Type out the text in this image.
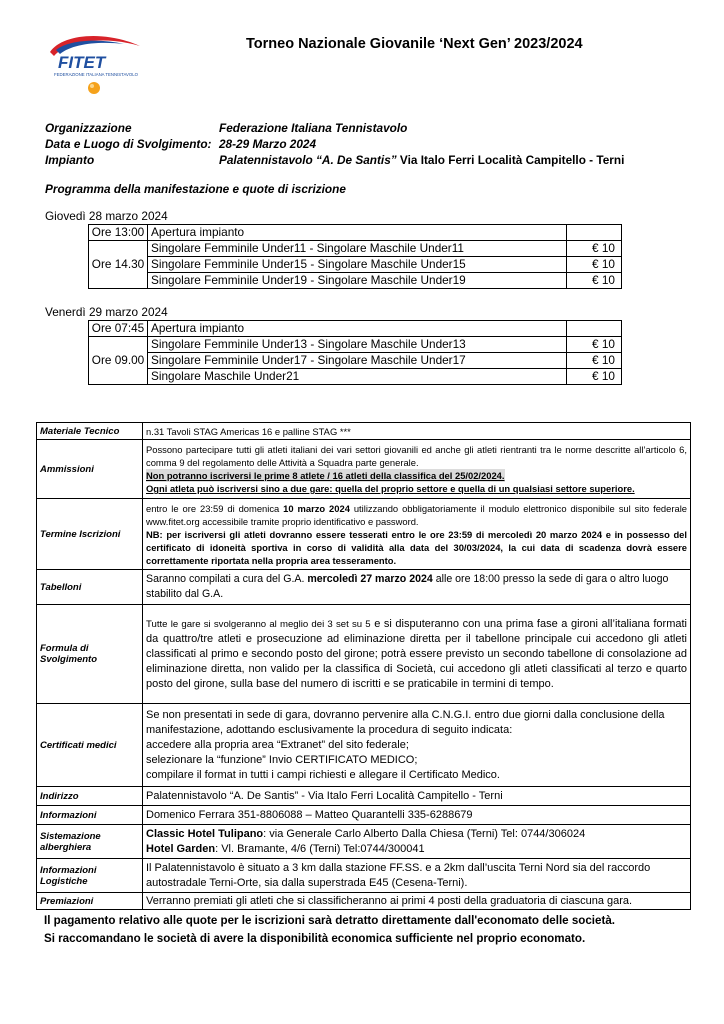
FITET
FEDERAZIONE ITALIANA TENNISTAVOLO
Torneo Nazionale Giovanile ‘Next Gen’ 2023/2024
Organizzazione	Federazione Italiana Tennistavolo
Data e Luogo di Svolgimento: 28-29 Marzo 2024
Impianto	Palatennistavolo “A. De Santis” Via Italo Ferri Località Campitello - Terni
Programma della manifestazione e quote di iscrizione
Giovedì 28 marzo 2024
Ore 13:00	Apertura impianto	
Ore 14.30	Singolare Femminile Under11 - Singolare Maschile Under11	€ 10
	Singolare Femminile Under15 - Singolare Maschile Under15	€ 10
	Singolare Femminile Under19 - Singolare Maschile Under19	€ 10
Venerdì 29 marzo 2024
Ore 07:45	Apertura impianto	
Ore 09.00	Singolare Femminile Under13 - Singolare Maschile Under13	€ 10
	Singolare Femminile Under17 - Singolare Maschile Under17	€ 10
	Singolare Maschile Under21	€ 10
Materiale Tecnico	n.31 Tavoli STAG Americas 16 e palline STAG ***
Ammissioni	Possono partecipare tutti gli atleti italiani dei vari settori giovanili ed anche gli atleti rientranti tra le norme descritte all’articolo 6, comma 9 del regolamento delle Attività a Squadra parte generale.
Non potranno iscriversi le prime 8 atlete / 16 atleti della classifica del 25/02/2024.
Ogni atleta può iscriversi sino a due gare: quella del proprio settore e quella di un qualsiasi settore superiore.

Termine Iscrizioni	entro le ore 23:59 di domenica 10 marzo 2024 utilizzando obbligatoriamente il modulo elettronico disponibile sul sito federale www.fitet.org accessibile tramite proprio identificativo e password.
NB: per iscriversi gli atleti dovranno essere tesserati entro le ore 23:59 di mercoledì 20 marzo 2024 e in possesso del certificato di idoneità sportiva in corso di validità alla data del 30/03/2024, la cui data di scadenza dovrà essere correttamente riportata nella propria area tesseramento.

Tabelloni	Saranno compilati a cura del G.A. mercoledì 27 marzo 2024 alle ore 18:00 presso la sede di gara o altro luogo stabilito dal G.A.
Formula di Svolgimento	Tutte le gare si svolgeranno al meglio dei 3 set su 5 e si disputeranno con una prima fase a gironi all’italiana formati da quattro/tre atleti e prosecuzione ad eliminazione diretta per il tabellone principale cui accedono gli atleti classificati al primo e secondo posto del girone; potrà essere previsto un secondo tabellone di consolazione ad eliminazione diretta, non valido per la classifica di Società, cui accedono gli atleti classificati al terzo e quarto posto del girone, sulla base del numero di iscritti e se praticabile in termini di tempo.
Certificati medici	Se non presentati in sede di gara, dovranno pervenire alla C.N.G.I. entro due giorni dalla conclusione della manifestazione, adottando esclusivamente la procedura di seguito indicata:
accedere alla propria area “Extranet” del sito federale;
selezionare la “funzione” Invio CERTIFICATO MEDICO;
compilare il format in tutti i campi richiesti e allegare il Certificato Medico.

Indirizzo	Palatennistavolo “A. De Santis” - Via Italo Ferri Località Campitello - Terni
Informazioni	Domenico Ferrara 351-8806088 – Matteo Quarantelli 335-6288679
Sistemazione alberghiera	Classic Hotel Tulipano: via Generale Carlo Alberto Dalla Chiesa (Terni) Tel: 0744/306024
Hotel Garden: Vl. Bramante, 4/6 (Terni) Tel:0744/300041

Informazioni Logistiche	Il Palatennistavolo è situato a 3 km dalla stazione FF.SS. e a 2km dall’uscita Terni Nord sia del raccordo autostradale Terni-Orte, sia dalla superstrada E45 (Cesena-Terni).
Premiazioni	Verranno premiati gli atleti che si classificheranno ai primi 4 posti della graduatoria di ciascuna gara.
Il pagamento relativo alle quote per le iscrizioni sarà detratto direttamente dall'economato delle società.
Si raccomandano le società di avere la disponibilità economica sufficiente nel proprio economato.
